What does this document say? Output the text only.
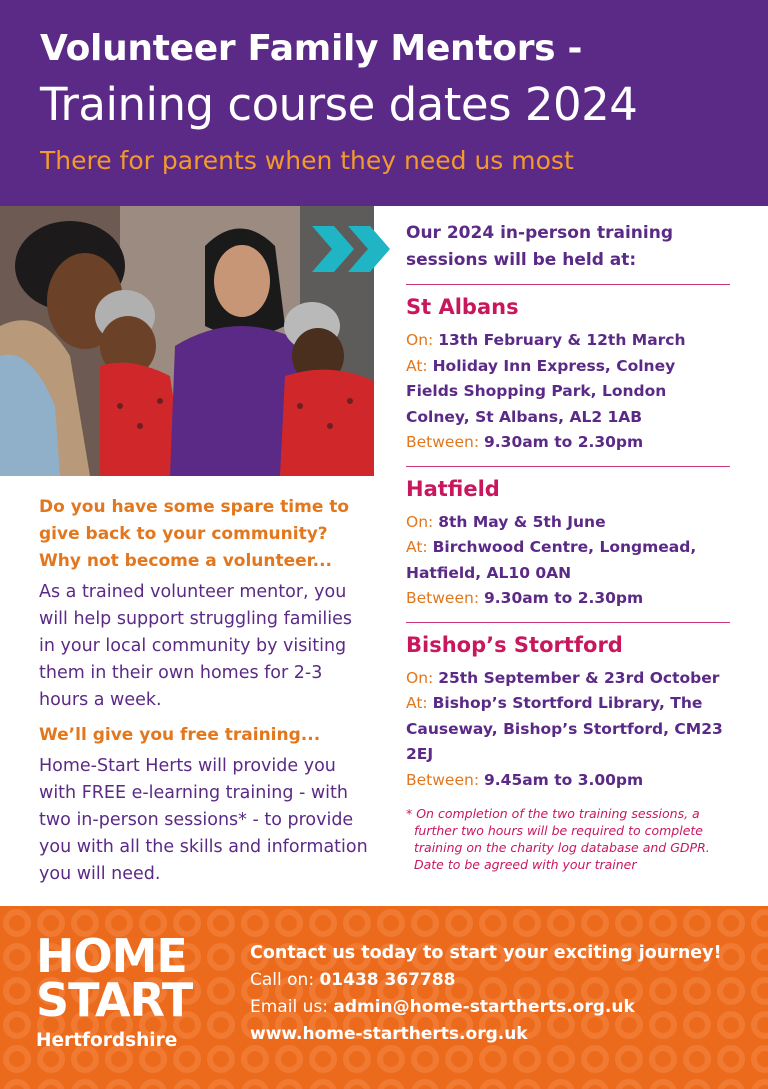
Volunteer Family Mentors -
Training course dates 2024
There for parents when they need us most
Our 2024 in-person training sessions will be held at:
St Albans
On: 13th February & 12th March
At: Holiday Inn Express, Colney Fields Shopping Park, London Colney, St Albans, AL2 1AB
Between: 9.30am to 2.30pm
Hatfield
On: 8th May & 5th June
At: Birchwood Centre, Longmead, Hatfield, AL10 0AN
Between: 9.30am to 2.30pm
Bishop’s Stortford
On: 25th September & 23rd October
At: Bishop’s Stortford Library, The Causeway, Bishop’s Stortford, CM23 2EJ
Between: 9.45am to 3.00pm
* On completion of the two training sessions, a further two hours will be required to complete training on the charity log database and GDPR. Date to be agreed with your trainer
Do you have some spare time to give back to your community? Why not become a volunteer...
As a trained volunteer mentor, you will help support struggling families in your local community by visiting them in their own homes for 2-3 hours a week.
We’ll give you free training...
Home-Start Herts will provide you with FREE e-learning training - with two in-person sessions* - to provide you with all the skills and information you will need.
HOME
START
Hertfordshire
Contact us today to start your exciting journey!
Call on: 01438 367788
Email us: admin@home-startherts.org.uk
www.home-startherts.org.uk
